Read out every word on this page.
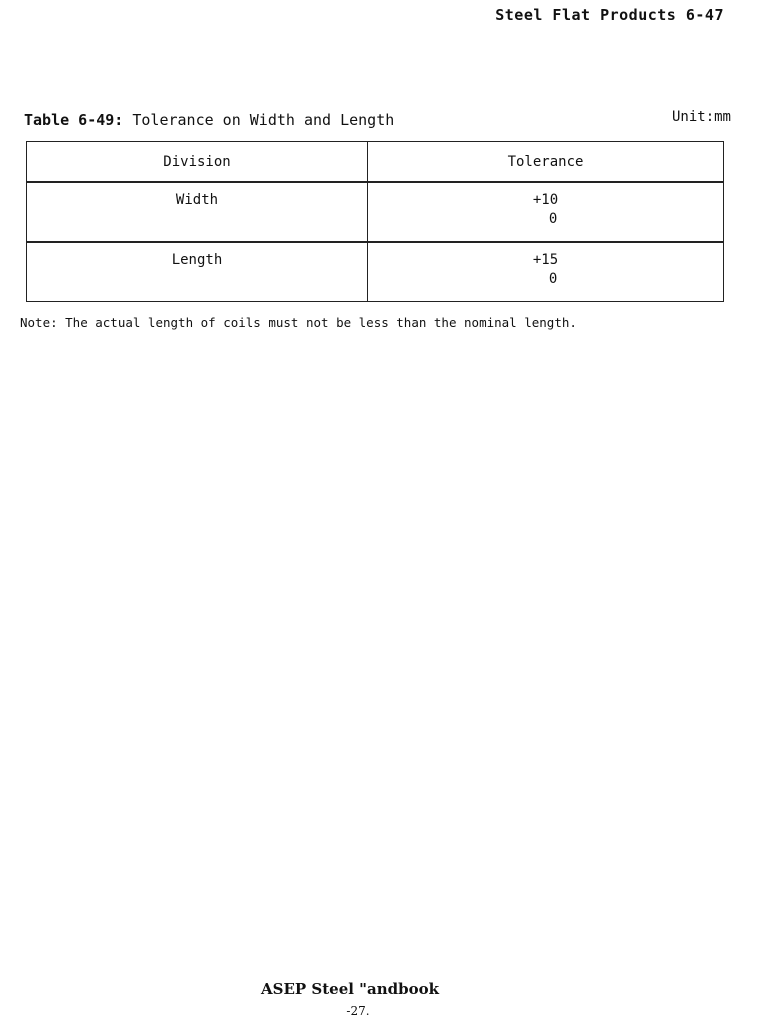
Steel Flat Products 6-47
Table 6-49: Tolerance on Width and Length	Unit:mm
Division	Tolerance

Width	+10
0

Length	+15
0
Note: The actual length of coils must not be less than the nominal length.
ASEP Steel "andbook
-27.
